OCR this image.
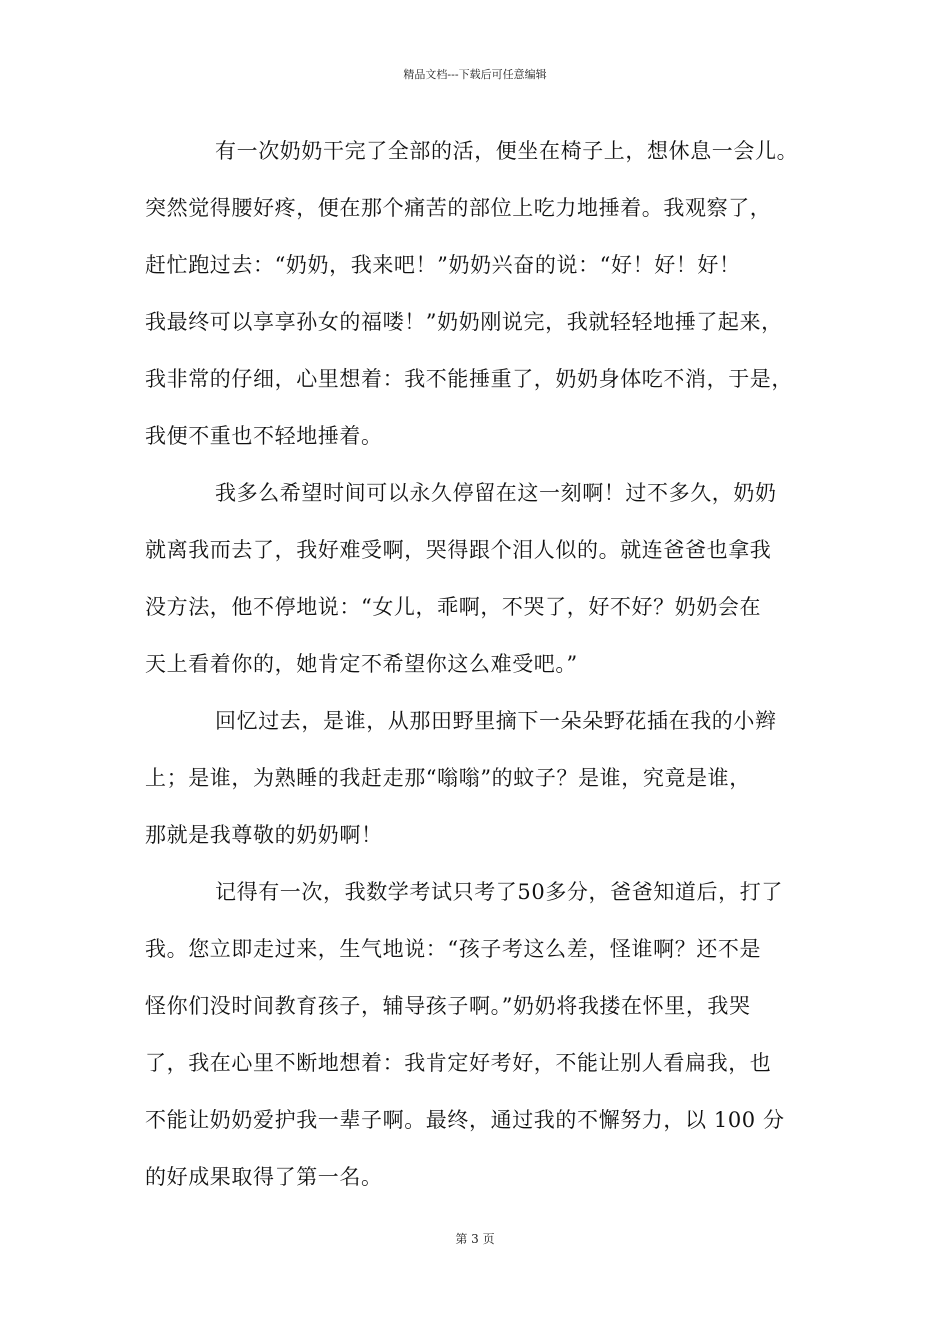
精品文档---下载后可任意编辑
有一次奶奶干完了全部的活，便坐在椅子上，想休息一会儿。
突然觉得腰好疼，便在那个痛苦的部位上吃力地捶着。我观察了，
赶忙跑过去：“奶奶，我来吧！”奶奶兴奋的说：“好！好！好！
我最终可以享享孙女的福喽！”奶奶刚说完，我就轻轻地捶了起来，
我非常的仔细，心里想着：我不能捶重了，奶奶身体吃不消，于是，
我便不重也不轻地捶着。
我多么希望时间可以永久停留在这一刻啊！过不多久，奶奶
就离我而去了，我好难受啊，哭得跟个泪人似的。就连爸爸也拿我
没方法，他不停地说：“女儿，乖啊，不哭了，好不好？奶奶会在
天上看着你的，她肯定不希望你这么难受吧。”
回忆过去，是谁，从那田野里摘下一朵朵野花插在我的小辫
上；是谁，为熟睡的我赶走那“嗡嗡”的蚊子？是谁，究竟是谁，
那就是我尊敬的奶奶啊！
记得有一次，我数学考试只考了50多分，爸爸知道后，打了
我。您立即走过来，生气地说：“孩子考这么差，怪谁啊？还不是
怪你们没时间教育孩子，辅导孩子啊。”奶奶将我搂在怀里，我哭
了，我在心里不断地想着：我肯定好考好，不能让别人看扁我，也
不能让奶奶爱护我一辈子啊。最终，通过我的不懈努力，以 100 分
的好成果取得了第一名。
第 3 页
